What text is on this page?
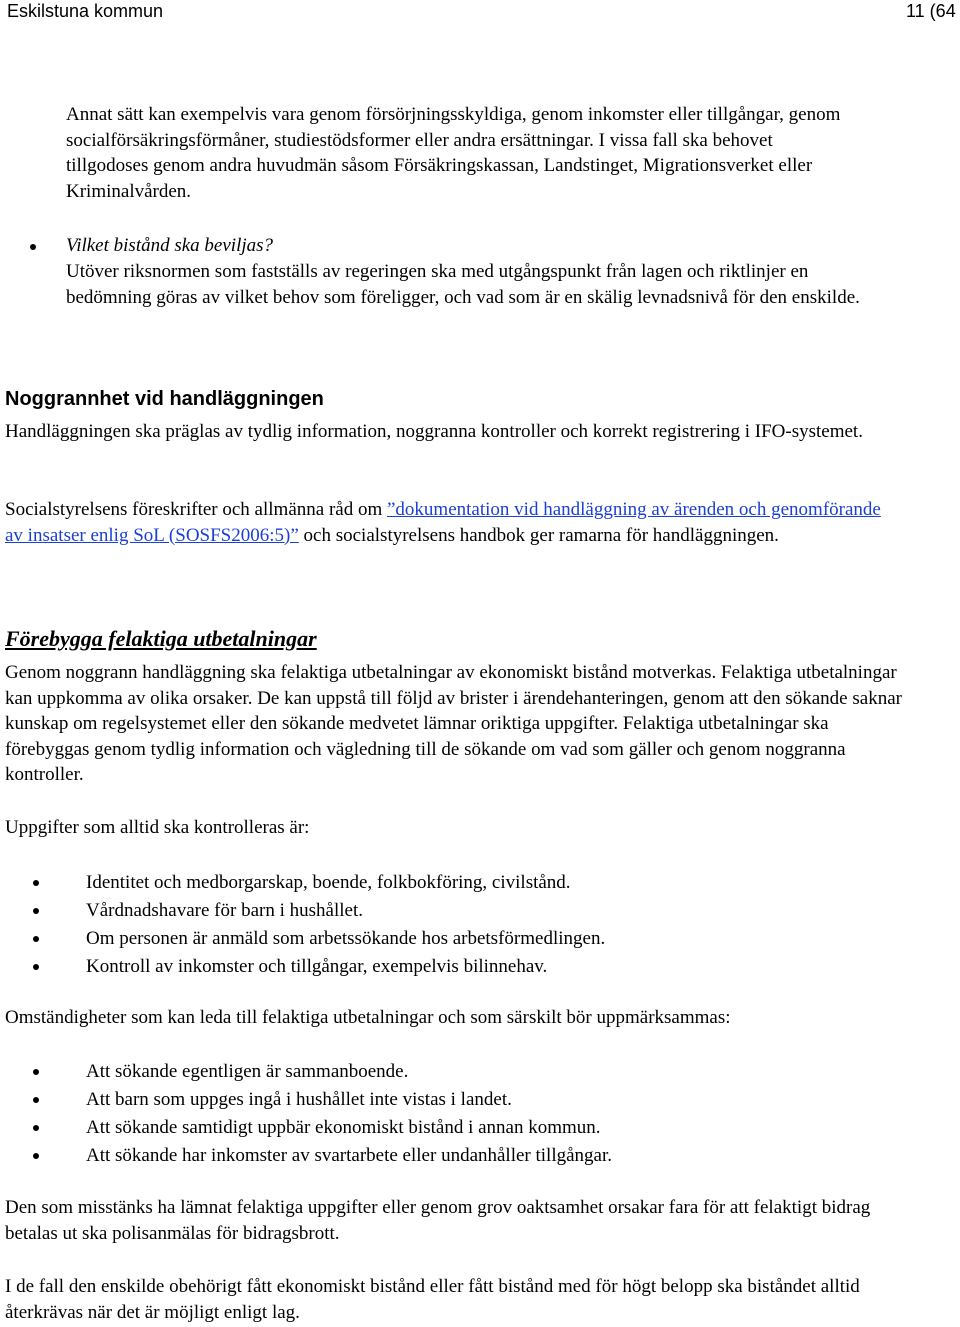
Eskilstuna kommun	11 (64

Annat sätt kan exempelvis vara genom försörjningsskyldiga, genom inkomster eller tillgångar, genom socialförsäkringsförmåner, studiestödsformer eller andra ersättningar. I vissa fall ska behovet tillgodoses genom andra huvudmän såsom Försäkringskassan, Landstinget, Migrationsverket eller Kriminalvården.

Vilket bistånd ska beviljas?

Utöver riksnormen som fastställs av regeringen ska med utgångspunkt från lagen och riktlinjer en bedömning göras av vilket behov som föreligger, och vad som är en skälig levnadsnivå för den enskilde.

Noggrannhet vid handläggningen

Handläggningen ska präglas av tydlig information, noggranna kontroller och korrekt registrering i IFO-systemet.

Socialstyrelsens föreskrifter och allmänna råd om ”dokumentation vid handläggning av ärenden och genomförande av insatser enlig SoL (SOSFS2006:5)” och socialstyrelsens handbok ger ramarna för handläggningen.

Förebygga felaktiga utbetalningar

Genom noggrann handläggning ska felaktiga utbetalningar av ekonomiskt bistånd motverkas. Felaktiga utbetalningar kan uppkomma av olika orsaker. De kan uppstå till följd av brister i ärendehanteringen, genom att den sökande saknar kunskap om regelsystemet eller den sökande medvetet lämnar oriktiga uppgifter. Felaktiga utbetalningar ska förebyggas genom tydlig information och vägledning till de sökande om vad som gäller och genom noggranna kontroller.

Uppgifter som alltid ska kontrolleras är:

Identitet och medborgarskap, boende, folkbokföring, civilstånd.
Vårdnadshavare för barn i hushållet.
Om personen är anmäld som arbetssökande hos arbetsförmedlingen.
Kontroll av inkomster och tillgångar, exempelvis bilinnehav.

Omständigheter som kan leda till felaktiga utbetalningar och som särskilt bör uppmärksammas:

Att sökande egentligen är sammanboende.
Att barn som uppges ingå i hushållet inte vistas i landet.
Att sökande samtidigt uppbär ekonomiskt bistånd i annan kommun.
Att sökande har inkomster av svartarbete eller undanhåller tillgångar.

Den som misstänks ha lämnat felaktiga uppgifter eller genom grov oaktsamhet orsakar fara för att felaktigt bidrag betalas ut ska polisanmälas för bidragsbrott.

I de fall den enskilde obehörigt fått ekonomiskt bistånd eller fått bistånd med för högt belopp ska biståndet alltid återkrävas när det är möjligt enligt lag.
